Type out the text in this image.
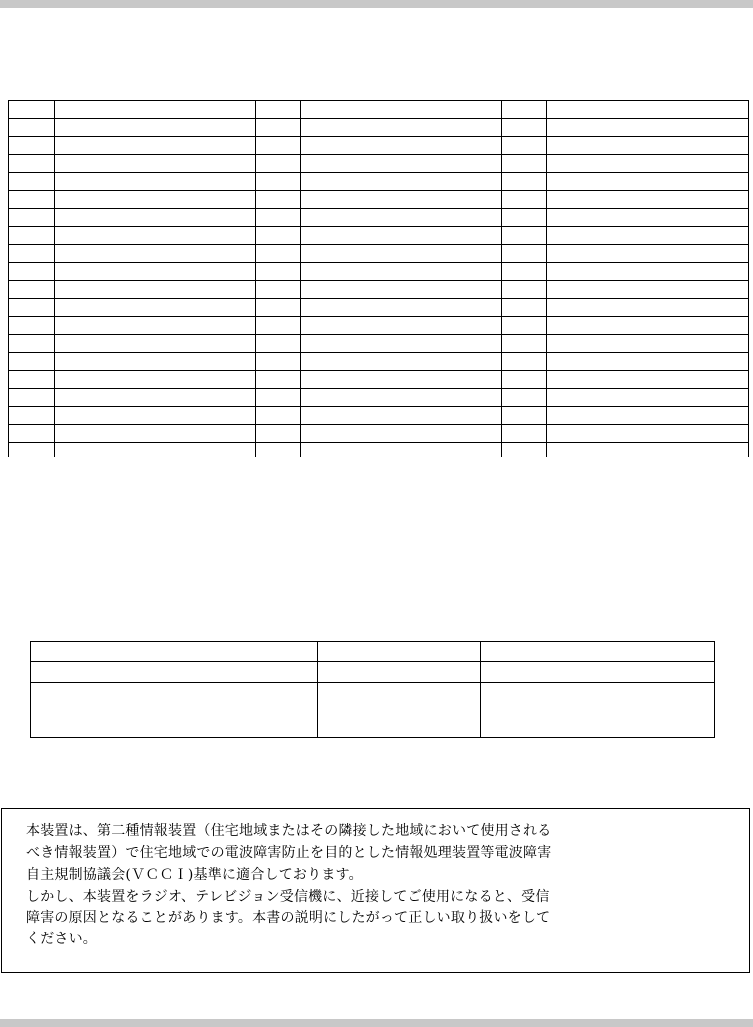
本装置は、第二種情報装置（住宅地域またはその隣接した地域において使用される
べき情報装置）で住宅地域での電波障害防止を目的とした情報処理装置等電波障害
自主規制協議会(ＶＣＣＩ)基準に適合しております。
しかし、本装置をラジオ、テレビジョン受信機に、近接してご使用になると、受信
障害の原因となることがあります。本書の説明にしたがって正しい取り扱いをして
ください。
